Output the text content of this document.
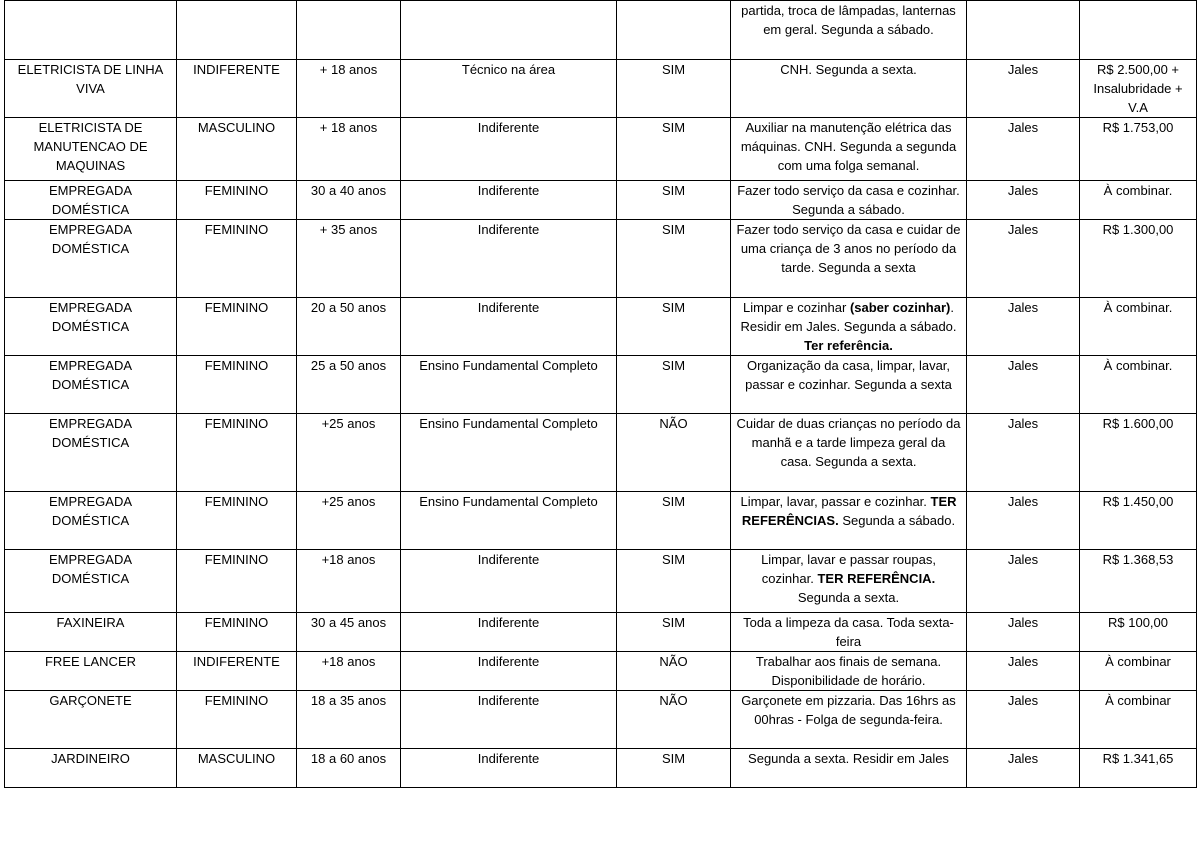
					partida, troca de lâmpadas, lanternas em geral. Segunda a sábado.		
ELETRICISTA DE LINHA VIVA	INDIFERENTE	+ 18 anos	Técnico na área	SIM	CNH. Segunda a sexta.	Jales	R$ 2.500,00 + Insalubridade + V.A
ELETRICISTA DE MANUTENCAO DE MAQUINAS	MASCULINO	+ 18 anos	Indiferente	SIM	Auxiliar na manutenção elétrica das máquinas. CNH. Segunda a segunda com uma folga semanal.	Jales	R$ 1.753,00
EMPREGADA DOMÉSTICA	FEMININO	30 a 40 anos	Indiferente	SIM	Fazer todo serviço da casa e cozinhar. Segunda a sábado.	Jales	À combinar.
EMPREGADA DOMÉSTICA	FEMININO	+ 35 anos	Indiferente	SIM	Fazer todo serviço da casa e cuidar de uma criança de 3 anos no período da tarde. Segunda a sexta	Jales	R$ 1.300,00
EMPREGADA DOMÉSTICA	FEMININO	20 a 50 anos	Indiferente	SIM	Limpar e cozinhar (saber cozinhar). Residir em Jales. Segunda a sábado. Ter referência.	Jales	À combinar.
EMPREGADA DOMÉSTICA	FEMININO	25 a 50 anos	Ensino Fundamental Completo	SIM	Organização da casa, limpar, lavar, passar e cozinhar. Segunda a sexta	Jales	À combinar.
EMPREGADA DOMÉSTICA	FEMININO	+25 anos	Ensino Fundamental Completo	NÃO	Cuidar de duas crianças no período da manhã e a tarde limpeza geral da casa. Segunda a sexta.	Jales	R$ 1.600,00
EMPREGADA DOMÉSTICA	FEMININO	+25 anos	Ensino Fundamental Completo	SIM	Limpar, lavar, passar e cozinhar. TER REFERÊNCIAS. Segunda a sábado.	Jales	R$ 1.450,00
EMPREGADA DOMÉSTICA	FEMININO	+18 anos	Indiferente	SIM	Limpar, lavar e passar roupas, cozinhar. TER REFERÊNCIA. Segunda a sexta.	Jales	R$ 1.368,53
FAXINEIRA	FEMININO	30 a 45 anos	Indiferente	SIM	Toda a limpeza da casa. Toda sexta-feira	Jales	R$ 100,00
FREE LANCER	INDIFERENTE	+18 anos	Indiferente	NÃO	Trabalhar aos finais de semana. Disponibilidade de horário.	Jales	À combinar
GARÇONETE	FEMININO	18 a 35 anos	Indiferente	NÃO	Garçonete em pizzaria. Das 16hrs as 00hras - Folga de segunda-feira.	Jales	À combinar
JARDINEIRO	MASCULINO	18 a 60 anos	Indiferente	SIM	Segunda a sexta. Residir em Jales	Jales	R$ 1.341,65
